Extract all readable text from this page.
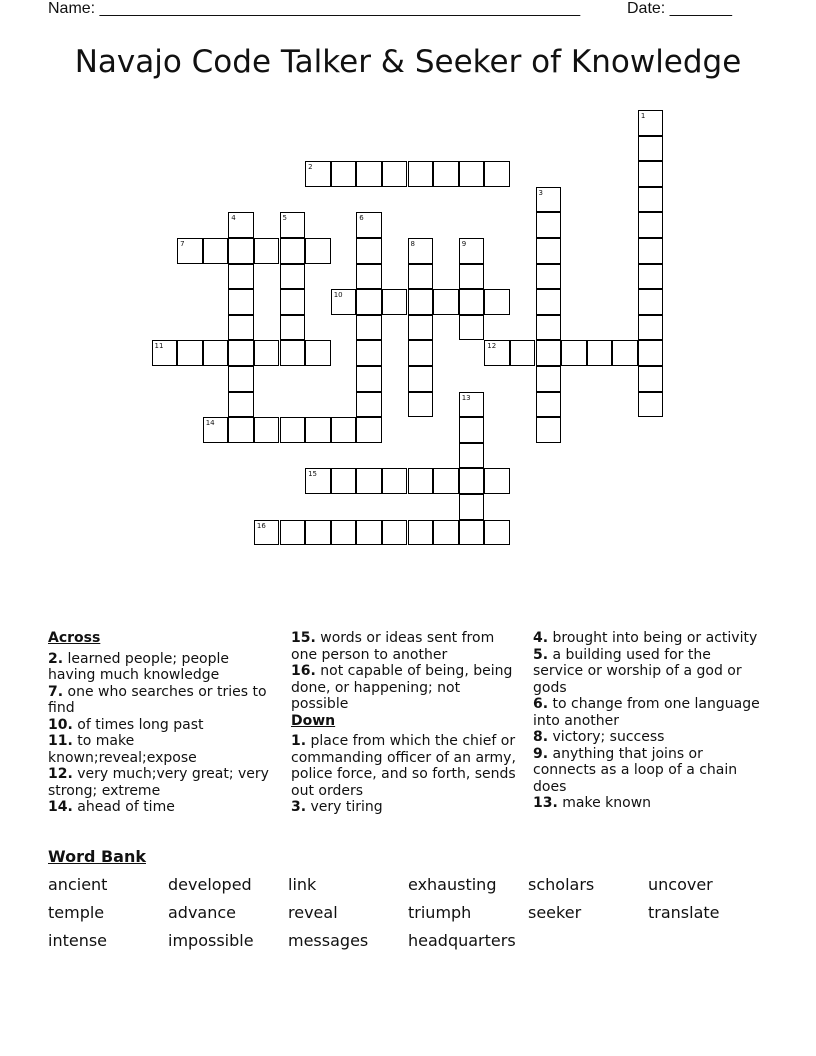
Name: ______________________________________________________	Date: _______
Navajo Code Talker & Seeker of Knowledge
1
2
3
4	5	6
7	8	9
10
11	12
13
14
15
16
Across

2. learned people; people having much knowledge

7. one who searches or tries to find

10. of times long past

11. to make known;reveal;expose

12. very much;very great; very strong; extreme

14. ahead of time

15. words or ideas sent from one person to another

16. not capable of being, being done, or happening; not possible

Down

1. place from which the chief or commanding officer of an army, police force, and so forth, sends out orders

3. very tiring

4. brought into being or activity

5. a building used for the service or worship of a god or gods

6. to change from one language into another

8. victory; success

9. anything that joins or connects as a loop of a chain does

13. make known

Word Bank
ancient	developed link	exhausting scholars	uncover
temple	advance	reveal	triumph	seeker	translate
intense	impossible messages headquarters
